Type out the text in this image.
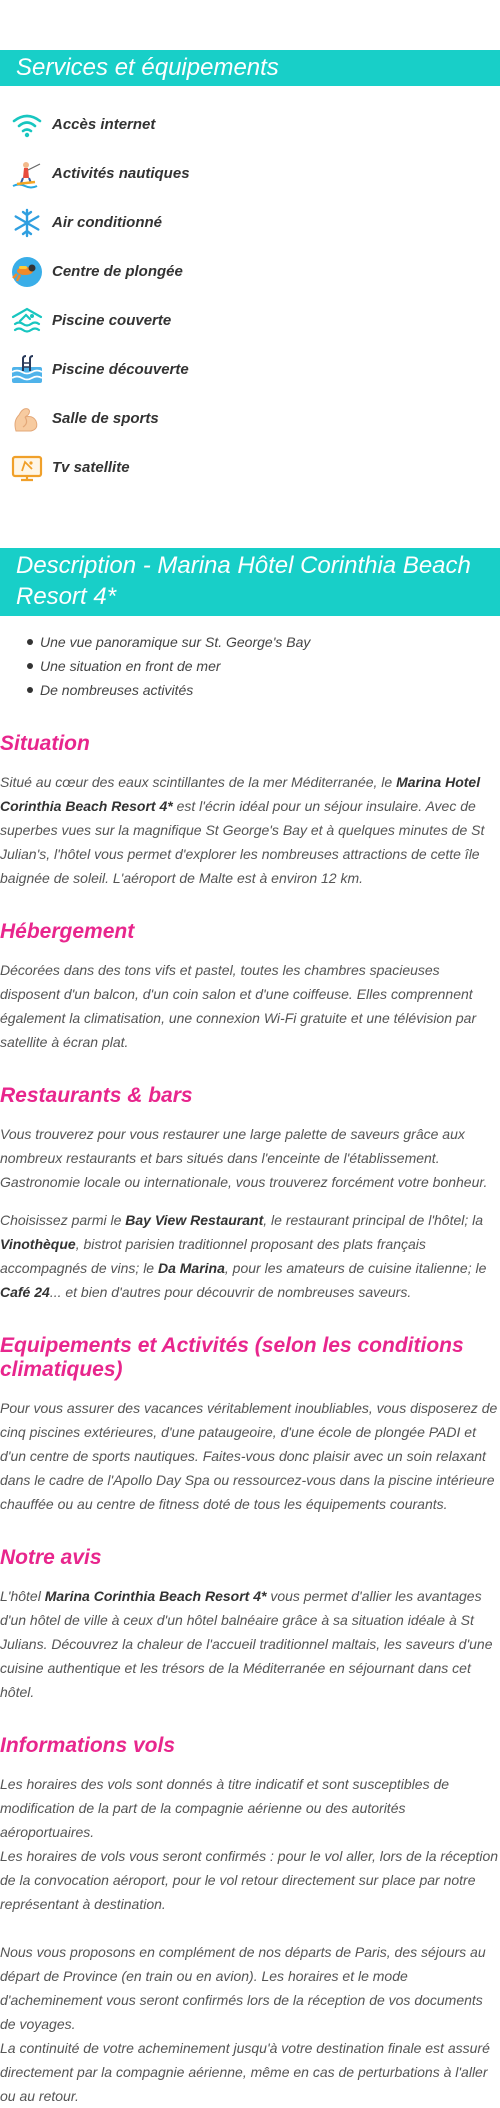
Services et équipements
Accès internet
Activités nautiques
Air conditionné
Centre de plongée
Piscine couverte
Piscine découverte
Salle de sports
Tv satellite
Description - Marina Hôtel Corinthia Beach Resort 4*
Une vue panoramique sur St. George's Bay
Une situation en front de mer
De nombreuses activités
Situation

Situé au cœur des eaux scintillantes de la mer Méditerranée, le Marina Hotel Corinthia Beach Resort 4* est l'écrin idéal pour un séjour insulaire. Avec de superbes vues sur la magnifique St George's Bay et à quelques minutes de St Julian's, l'hôtel vous permet d'explorer les nombreuses attractions de cette île baignée de soleil. L'aéroport de Malte est à environ 12 km.

Hébergement

Décorées dans des tons vifs et pastel, toutes les chambres spacieuses disposent d'un balcon, d'un coin salon et d'une coiffeuse. Elles comprennent également la climatisation, une connexion Wi-Fi gratuite et une télévision par satellite à écran plat.

Restaurants & bars

Vous trouverez pour vous restaurer une large palette de saveurs grâce aux nombreux restaurants et bars situés dans l'enceinte de l'établissement. Gastronomie locale ou internationale, vous trouverez forcément votre bonheur.

Choisissez parmi le Bay View Restaurant, le restaurant principal de l'hôtel; la Vinothèque, bistrot parisien traditionnel proposant des plats français accompagnés de vins; le Da Marina, pour les amateurs de cuisine italienne; le Café 24... et bien d'autres pour découvrir de nombreuses saveurs.

Equipements et Activités (selon les conditions climatiques)

Pour vous assurer des vacances véritablement inoubliables, vous disposerez de cinq piscines extérieures, d'une pataugeoire, d'une école de plongée PADI et d'un centre de sports nautiques. Faites-vous donc plaisir avec un soin relaxant dans le cadre de l'Apollo Day Spa ou ressourcez-vous dans la piscine intérieure chauffée ou au centre de fitness doté de tous les équipements courants.

Notre avis

L'hôtel Marina Corinthia Beach Resort 4* vous permet d'allier les avantages d'un hôtel de ville à ceux d'un hôtel balnéaire grâce à sa situation idéale à St Julians. Découvrez la chaleur de l'accueil traditionnel maltais, les saveurs d'une cuisine authentique et les trésors de la Méditerranée en séjournant dans cet hôtel.

Informations vols

Les horaires des vols sont donnés à titre indicatif et sont susceptibles de modification de la part de la compagnie aérienne ou des autorités aéroportuaires.
Les horaires de vols vous seront confirmés : pour le vol aller, lors de la réception de la convocation aéroport, pour le vol retour directement sur place par notre représentant à destination.

Nous vous proposons en complément de nos départs de Paris, des séjours au départ de Province (en train ou en avion). Les horaires et le mode d'acheminement vous seront confirmés lors de la réception de vos documents de voyages.
La continuité de votre acheminement jusqu'à votre destination finale est assuré directement par la compagnie aérienne, même en cas de perturbations à l'aller ou au retour.
